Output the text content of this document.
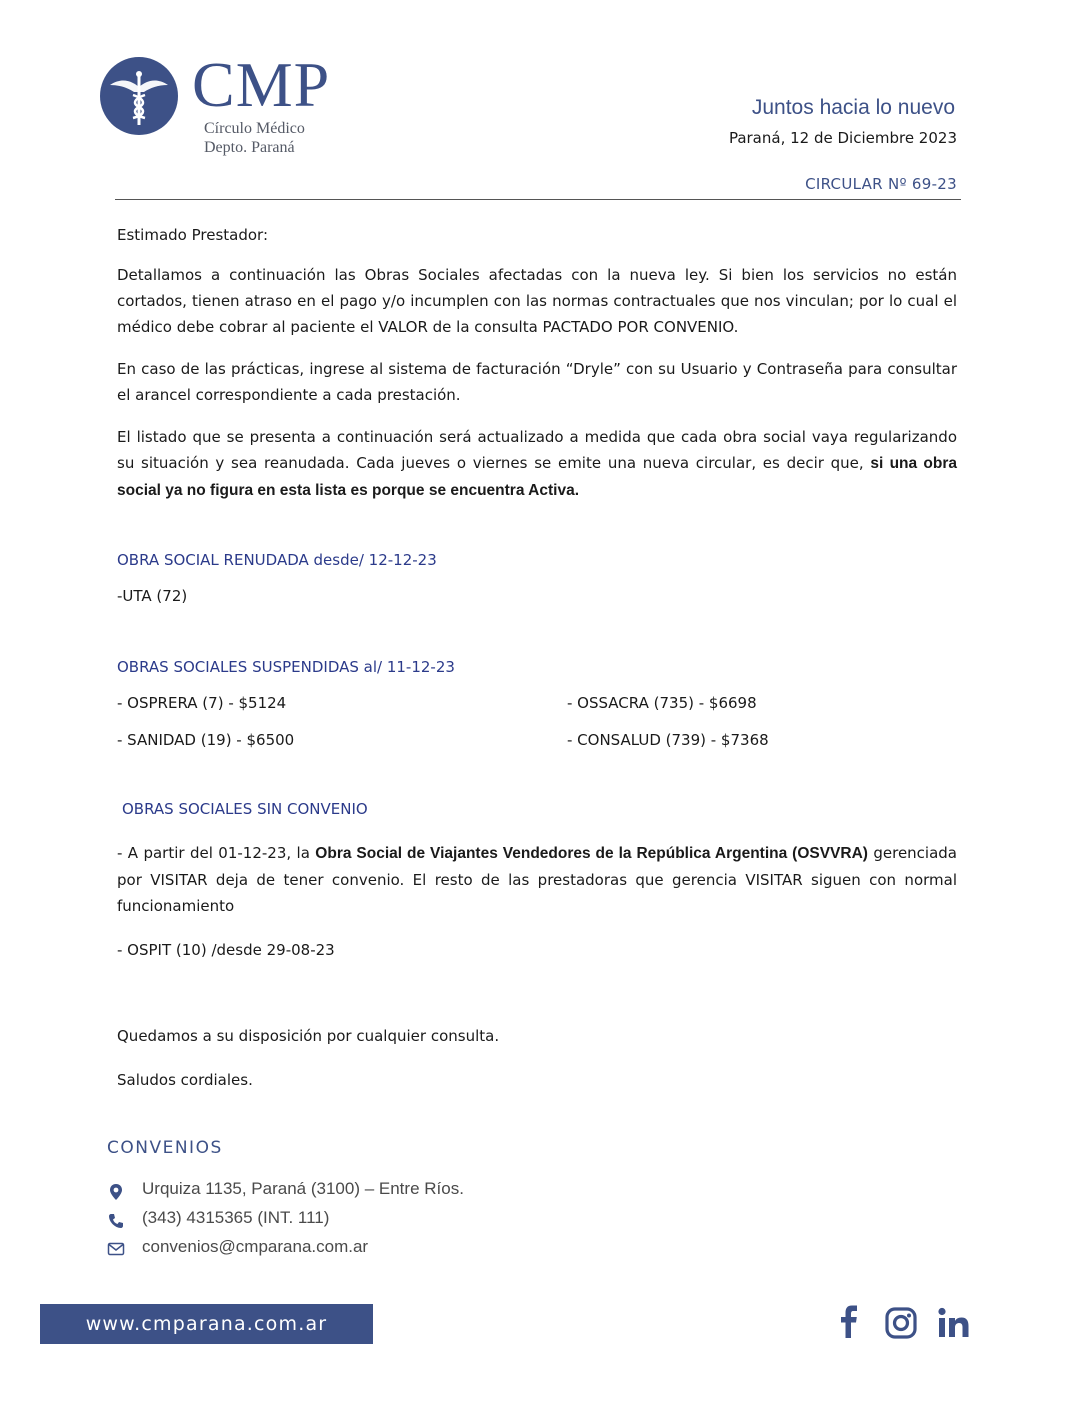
CMP
Círculo Médico
Depto. Paraná
Juntos hacia lo nuevo
Paraná, 12 de Diciembre 2023
CIRCULAR Nº 69-23
Estimado Prestador:
Detallamos a continuación las Obras Sociales afectadas con la nueva ley. Si bien los servicios no están cortados, tienen atraso en el pago y/o incumplen con las normas contractuales que nos vinculan; por lo cual el médico debe cobrar al paciente el VALOR de la consulta PACTADO POR CONVENIO.
En caso de las prácticas, ingrese al sistema de facturación “Dryle” con su Usuario y Contraseña para consultar el arancel correspondiente a cada prestación.
El listado que se presenta a continuación será actualizado a medida que cada obra social vaya regularizando su situación y sea reanudada. Cada jueves o viernes se emite una nueva circular, es decir que, si una obra social ya no figura en esta lista es porque se encuentra Activa.
OBRA SOCIAL RENUDADA desde/ 12-12-23
-UTA (72)
OBRAS SOCIALES SUSPENDIDAS al/ 11-12-23
- OSPRERA (7) - $5124	- OSSACRA (735) - $6698
- SANIDAD (19) - $6500	- CONSALUD (739) - $7368
OBRAS SOCIALES SIN CONVENIO
- A partir del 01-12-23, la Obra Social de Viajantes Vendedores de la República Argentina (OSVVRA) gerenciada por VISITAR deja de tener convenio. El resto de las prestadoras que gerencia VISITAR siguen con normal funcionamiento
- OSPIT (10) /desde 29-08-23
Quedamos a su disposición por cualquier consulta.
Saludos cordiales.
CONVENIOS
Urquiza 1135, Paraná (3100) – Entre Ríos.
(343) 4315365 (INT. 111)
convenios@cmparana.com.ar
www.cmparana.com.ar
